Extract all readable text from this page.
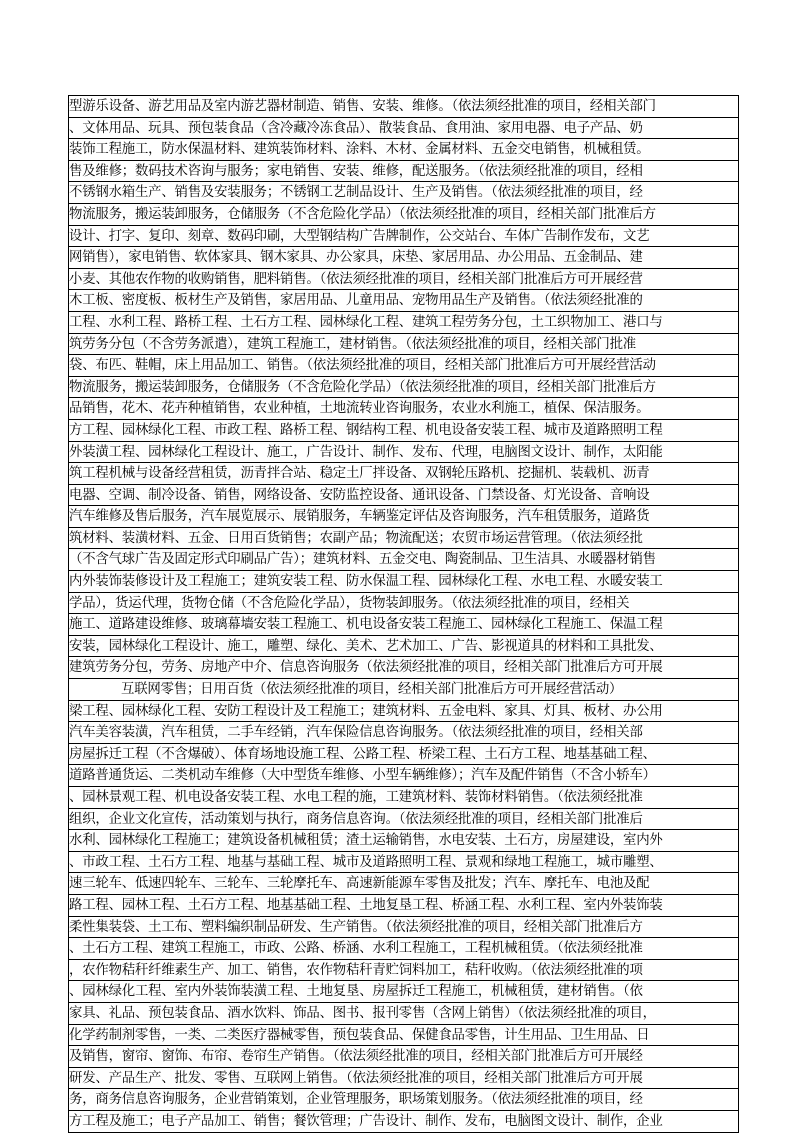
型游乐设备、游艺用品及室内游艺器材制造、销售、安装、维修。（依法须经批准的项目，经相关部门
、文体用品、玩具、预包装食品（含冷藏冷冻食品）、散装食品、食用油、家用电器、电子产品、奶
装饰工程施工，防水保温材料、建筑装饰材料、涂料、木材、金属材料、五金交电销售，机械租赁。
售及维修；数码技术咨询与服务；家电销售、安装、维修，配送服务。（依法须经批准的项目，经相
不锈钢水箱生产、销售及安装服务；不锈钢工艺制品设计、生产及销售。（依法须经批准的项目，经
物流服务，搬运装卸服务，仓储服务（不含危险化学品）（依法须经批准的项目，经相关部门批准后方
设计、打字、复印、刻章、数码印刷，大型钢结构广告牌制作，公交站台、车体广告制作发布，文艺
网销售），家电销售、软体家具、钢木家具、办公家具，床垫、家居用品、办公用品、五金制品、建
小麦、其他农作物的收购销售，肥料销售。（依法须经批准的项目，经相关部门批准后方可开展经营
木工板、密度板、板材生产及销售，家居用品、儿童用品、宠物用品生产及销售。（依法须经批准的
工程、水利工程、路桥工程、土石方工程、园林绿化工程、建筑工程劳务分包，土工织物加工、港口与
筑劳务分包（不含劳务派遣），建筑工程施工，建材销售。（依法须经批准的项目，经相关部门批准
袋、布匹、鞋帽，床上用品加工、销售。（依法须经批准的项目，经相关部门批准后方可开展经营活动
物流服务，搬运装卸服务，仓储服务（不含危险化学品）（依法须经批准的项目，经相关部门批准后方
品销售，花木、花卉种植销售，农业种植，土地流转业咨询服务，农业水利施工，植保、保洁服务。
方工程、园林绿化工程、市政工程、路桥工程、钢结构工程、机电设备安装工程、城市及道路照明工程
外装潢工程、园林绿化工程设计、施工，广告设计、制作、发布、代理，电脑图文设计、制作，太阳能
筑工程机械与设备经营租赁，沥青拌合站、稳定土厂拌设备、双钢轮压路机、挖掘机、装载机、沥青
电器、空调、制冷设备、销售，网络设备、安防监控设备、通讯设备、门禁设备、灯光设备、音响设
汽车维修及售后服务，汽车展览展示、展销服务，车辆鉴定评估及咨询服务，汽车租赁服务，道路货
筑材料、装潢材料、五金、日用百货销售；农副产品；物流配送；农贸市场运营管理。（依法须经批
（不含气球广告及固定形式印刷品广告）；建筑材料、五金交电、陶瓷制品、卫生洁具、水暖器材销售
内外装饰装修设计及工程施工；建筑安装工程、防水保温工程、园林绿化工程、水电工程、水暖安装工
学品），货运代理，货物仓储（不含危险化学品），货物装卸服务。（依法须经批准的项目，经相关
施工、道路建设维修、玻璃幕墙安装工程施工、机电设备安装工程施工、园林绿化工程施工、保温工程
安装，园林绿化工程设计、施工，雕塑、绿化、美术、艺术加工、广告、影视道具的材料和工具批发、
建筑劳务分包，劳务、房地产中介、信息咨询服务（依法须经批准的项目，经相关部门批准后方可开展
互联网零售；日用百货（依法须经批准的项目，经相关部门批准后方可开展经营活动）
梁工程、园林绿化工程、安防工程设计及工程施工；建筑材料、五金电料、家具、灯具、板材、办公用
汽车美容装潢，汽车租赁，二手车经销，汽车保险信息咨询服务。（依法须经批准的项目，经相关部
房屋拆迁工程（不含爆破）、体育场地设施工程、公路工程、桥梁工程、土石方工程、地基基础工程、
道路普通货运、二类机动车维修（大中型货车维修、小型车辆维修）；汽车及配件销售（不含小轿车）
、园林景观工程、机电设备安装工程、水电工程的施，工建筑材料、装饰材料销售。（依法须经批准
组织，企业文化宣传，活动策划与执行，商务信息咨询。（依法须经批准的项目，经相关部门批准后
水利、园林绿化工程施工；建筑设备机械租赁；渣土运输销售，水电安装、土石方，房屋建设，室内外
、市政工程、土石方工程、地基与基础工程、城市及道路照明工程、景观和绿地工程施工，城市雕塑、
速三轮车、低速四轮车、三轮车、三轮摩托车、高速新能源车零售及批发；汽车、摩托车、电池及配
路工程、园林工程、土石方工程、地基基础工程、土地复垦工程、桥涵工程、水利工程、室内外装饰装
柔性集装袋、土工布、塑料编织制品研发、生产销售。（依法须经批准的项目，经相关部门批准后方
、土石方工程、建筑工程施工，市政、公路、桥涵、水利工程施工，工程机械租赁。（依法须经批准
，农作物秸秆纤维素生产、加工、销售，农作物秸秆青贮饲料加工，秸秆收购。（依法须经批准的项
、园林绿化工程、室内外装饰装潢工程、土地复垦、房屋拆迁工程施工，机械租赁，建材销售。（依
家具、礼品、预包装食品、酒水饮料、饰品、图书、报刊零售（含网上销售）（依法须经批准的项目，
化学药制剂零售，一类、二类医疗器械零售，预包装食品、保健食品零售，计生用品、卫生用品、日
及销售，窗帘、窗饰、布帘、卷帘生产销售。（依法须经批准的项目，经相关部门批准后方可开展经
研发、产品生产、批发、零售、互联网上销售。（依法须经批准的项目，经相关部门批准后方可开展
务，商务信息咨询服务，企业营销策划，企业管理服务，职场策划服务。（依法须经批准的项目，经
方工程及施工；电子产品加工、销售；餐饮管理；广告设计、制作、发布，电脑图文设计、制作，企业
